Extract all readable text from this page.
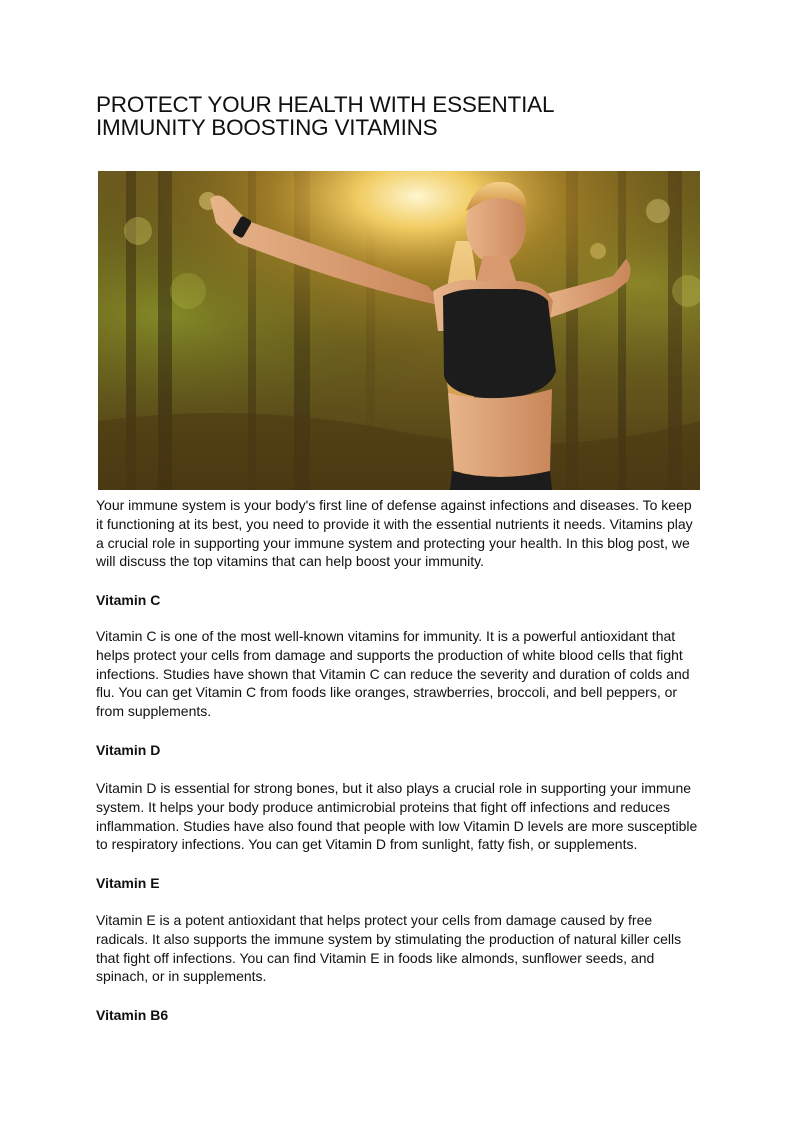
PROTECT YOUR HEALTH WITH ESSENTIAL
IMMUNITY BOOSTING VITAMINS

Your immune system is your body's first line of defense against infections and diseases. To keep it functioning at its best, you need to provide it with the essential nutrients it needs. Vitamins play a crucial role in supporting your immune system and protecting your health. In this blog post, we will discuss the top vitamins that can help boost your immunity.

Vitamin C

Vitamin C is one of the most well-known vitamins for immunity. It is a powerful antioxidant that helps protect your cells from damage and supports the production of white blood cells that fight infections. Studies have shown that Vitamin C can reduce the severity and duration of colds and flu. You can get Vitamin C from foods like oranges, strawberries, broccoli, and bell peppers, or from supplements.

Vitamin D

Vitamin D is essential for strong bones, but it also plays a crucial role in supporting your immune system. It helps your body produce antimicrobial proteins that fight off infections and reduces inflammation. Studies have also found that people with low Vitamin D levels are more susceptible to respiratory infections. You can get Vitamin D from sunlight, fatty fish, or supplements.

Vitamin E

Vitamin E is a potent antioxidant that helps protect your cells from damage caused by free radicals. It also supports the immune system by stimulating the production of natural killer cells that fight off infections. You can find Vitamin E in foods like almonds, sunflower seeds, and spinach, or in supplements.

Vitamin B6
